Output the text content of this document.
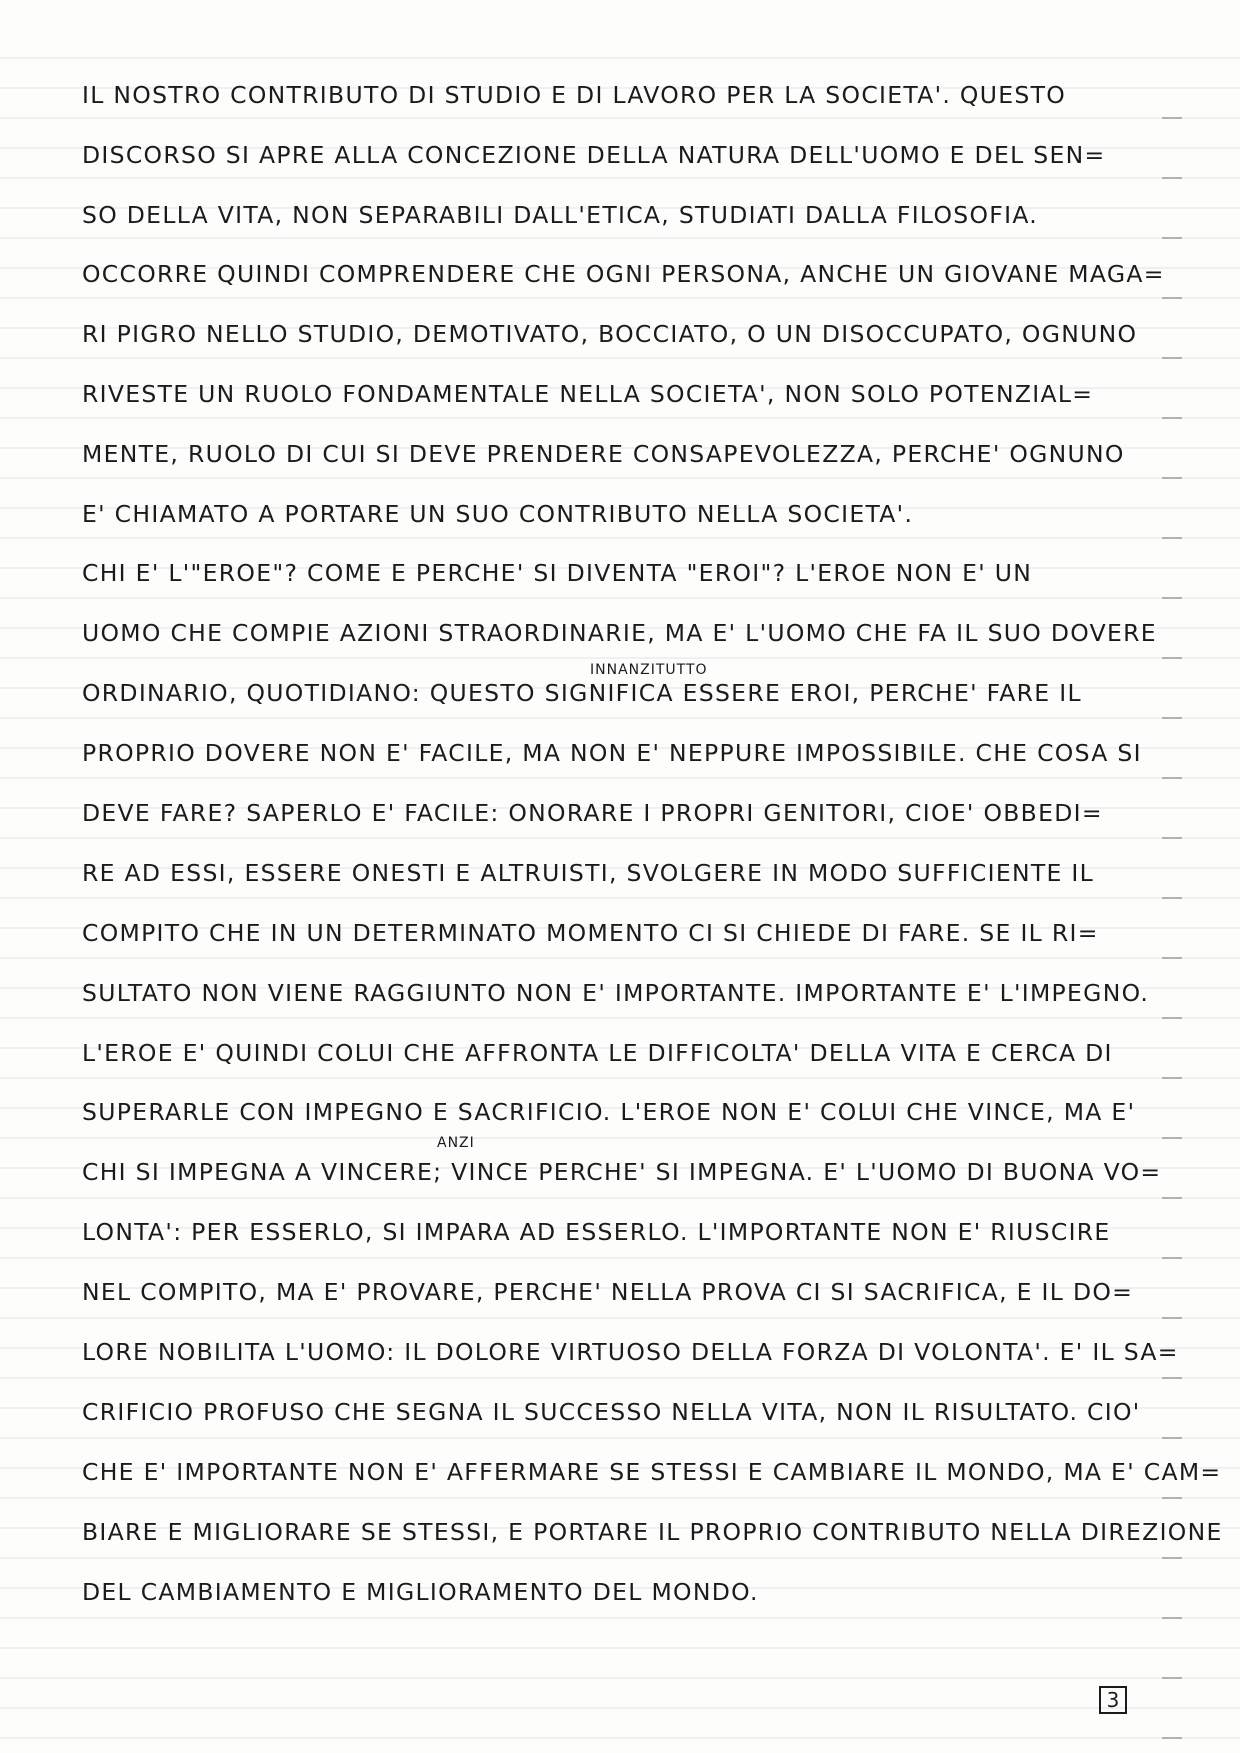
IL NOSTRO CONTRIBUTO DI STUDIO E DI LAVORO PER LA SOCIETA'. QUESTO
DISCORSO SI APRE ALLA CONCEZIONE DELLA NATURA DELL'UOMO E DEL SEN=
SO DELLA VITA, NON SEPARABILI DALL'ETICA, STUDIATI DALLA FILOSOFIA.
OCCORRE QUINDI COMPRENDERE CHE OGNI PERSONA, ANCHE UN GIOVANE MAGA=
RI PIGRO NELLO STUDIO, DEMOTIVATO, BOCCIATO, O UN DISOCCUPATO, OGNUNO
RIVESTE UN RUOLO FONDAMENTALE NELLA SOCIETA', NON SOLO POTENZIAL=
MENTE, RUOLO DI CUI SI DEVE PRENDERE CONSAPEVOLEZZA, PERCHE' OGNUNO
E' CHIAMATO A PORTARE UN SUO CONTRIBUTO NELLA SOCIETA'.
CHI E' L'"EROE"? COME E PERCHE' SI DIVENTA "EROI"? L'EROE NON E' UN
UOMO CHE COMPIE AZIONI STRAORDINARIE, MA E' L'UOMO CHE FA IL SUO DOVERE
INNANZITUTTO
ORDINARIO, QUOTIDIANO: QUESTO SIGNIFICA ESSERE EROI, PERCHE' FARE IL
PROPRIO DOVERE NON E' FACILE, MA NON E' NEPPURE IMPOSSIBILE. CHE COSA SI
DEVE FARE? SAPERLO E' FACILE: ONORARE I PROPRI GENITORI, CIOE' OBBEDI=
RE AD ESSI, ESSERE ONESTI E ALTRUISTI, SVOLGERE IN MODO SUFFICIENTE IL
COMPITO CHE IN UN DETERMINATO MOMENTO CI SI CHIEDE DI FARE. SE IL RI=
SULTATO NON VIENE RAGGIUNTO NON E' IMPORTANTE. IMPORTANTE E' L'IMPEGNO.
L'EROE E' QUINDI COLUI CHE AFFRONTA LE DIFFICOLTA' DELLA VITA E CERCA DI
SUPERARLE CON IMPEGNO E SACRIFICIO. L'EROE NON E' COLUI CHE VINCE, MA E'
ANZI
CHI SI IMPEGNA A VINCERE; VINCE PERCHE' SI IMPEGNA. E' L'UOMO DI BUONA VO=
LONTA': PER ESSERLO, SI IMPARA AD ESSERLO. L'IMPORTANTE NON E' RIUSCIRE
NEL COMPITO, MA E' PROVARE, PERCHE' NELLA PROVA CI SI SACRIFICA, E IL DO=
LORE NOBILITA L'UOMO: IL DOLORE VIRTUOSO DELLA FORZA DI VOLONTA'. E' IL SA=
CRIFICIO PROFUSO CHE SEGNA IL SUCCESSO NELLA VITA, NON IL RISULTATO. CIO'
CHE E' IMPORTANTE NON E' AFFERMARE SE STESSI E CAMBIARE IL MONDO, MA E' CAM=
BIARE E MIGLIORARE SE STESSI, E PORTARE IL PROPRIO CONTRIBUTO NELLA DIREZIONE
DEL CAMBIAMENTO E MIGLIORAMENTO DEL MONDO.
3
